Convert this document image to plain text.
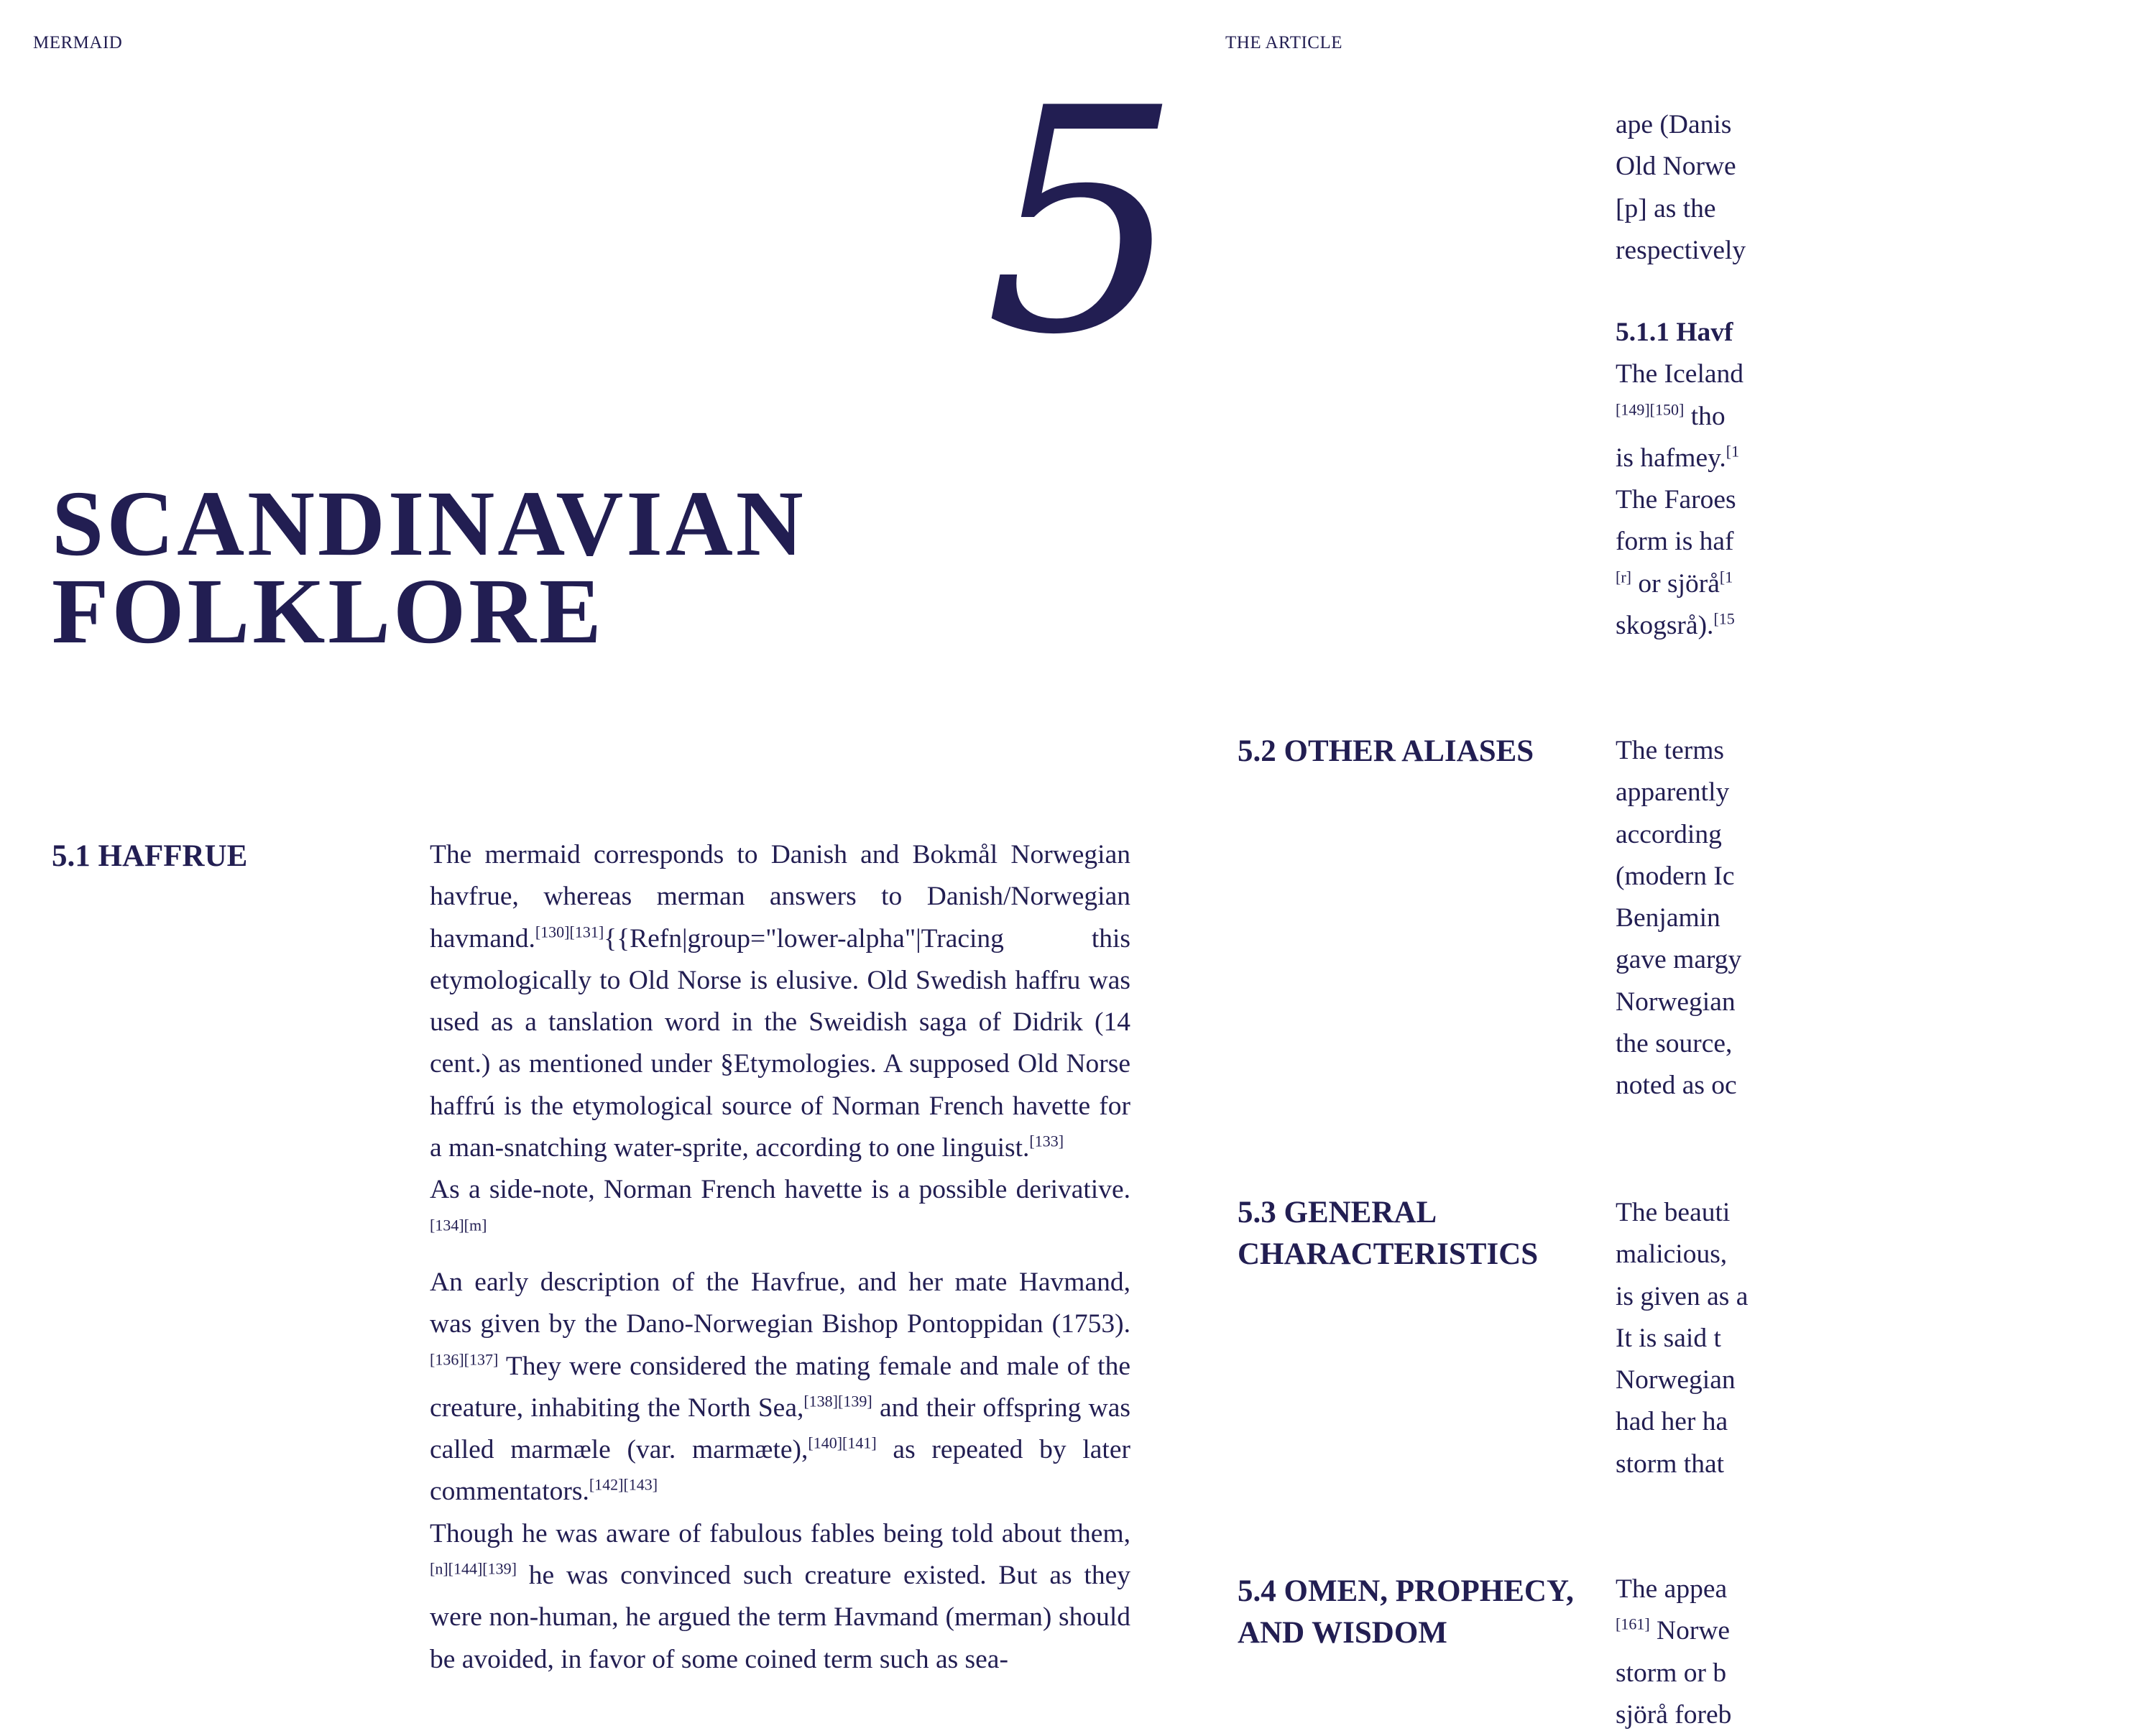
MERMAID
5
SCANDINAVIAN
FOLKLORE
5.1 HAFFRUE	The mermaid corresponds to Danish and Bokmål Norwegian havfrue, whereas merman answers to Danish/Norwegian havmand.[130][131]{{Refn|group="lower-alpha"|Tracing this etymologically to Old Norse is elusive. Old Swedish haffru was used as a tanslation word in the Sweidish saga of Didrik (14 cent.) as mentioned under §Etymologies. A supposed Old Norse haffrú is the etymological source of Norman French havette for a man-snatching water-sprite, according to one linguist.[133]

As a side-note, Norman French havette is a possible derivative. [134][m]

An early description of the Havfrue, and her mate Havmand, was given by the Dano-Norwegian Bishop Pontoppidan (1753).[136][137] They were considered the mating female and male of the creature, inhabiting the North Sea,[138][139] and their offspring was called marmæle (var. marmæte),[140][141] as repeated by later commentators.[142][143]

Though he was aware of fabulous fables being told about them,[n][144][139] he was convinced such creature existed. But as they were non-human, he argued the term Havmand (merman) should be avoided, in favor of some coined term such as sea-

THE ARTICLE
ape (Danis
Old Norwe
[p] as the
respectively
5.1.1 Havf
The Iceland
[149][150] tho
is hafmey.$^{[1}$
The Faroes
form is haf
[r] or sjörå$^{[1}$
skogsrå).$^{[15}$
5.2 OTHER ALIASES	The terms
apparently
according
(modern Ic
Benjamin
gave margy
Norwegian
the source,
noted as oc
5.3 GENERAL
CHARACTERISTICS
The beauti
malicious,
is given as a
It is said t
Norwegian
had her ha
storm that
5.4 OMEN, PROPHECY,
AND WISDOM
The appea
[161] Norwe
storm or b
sjörå foreb
